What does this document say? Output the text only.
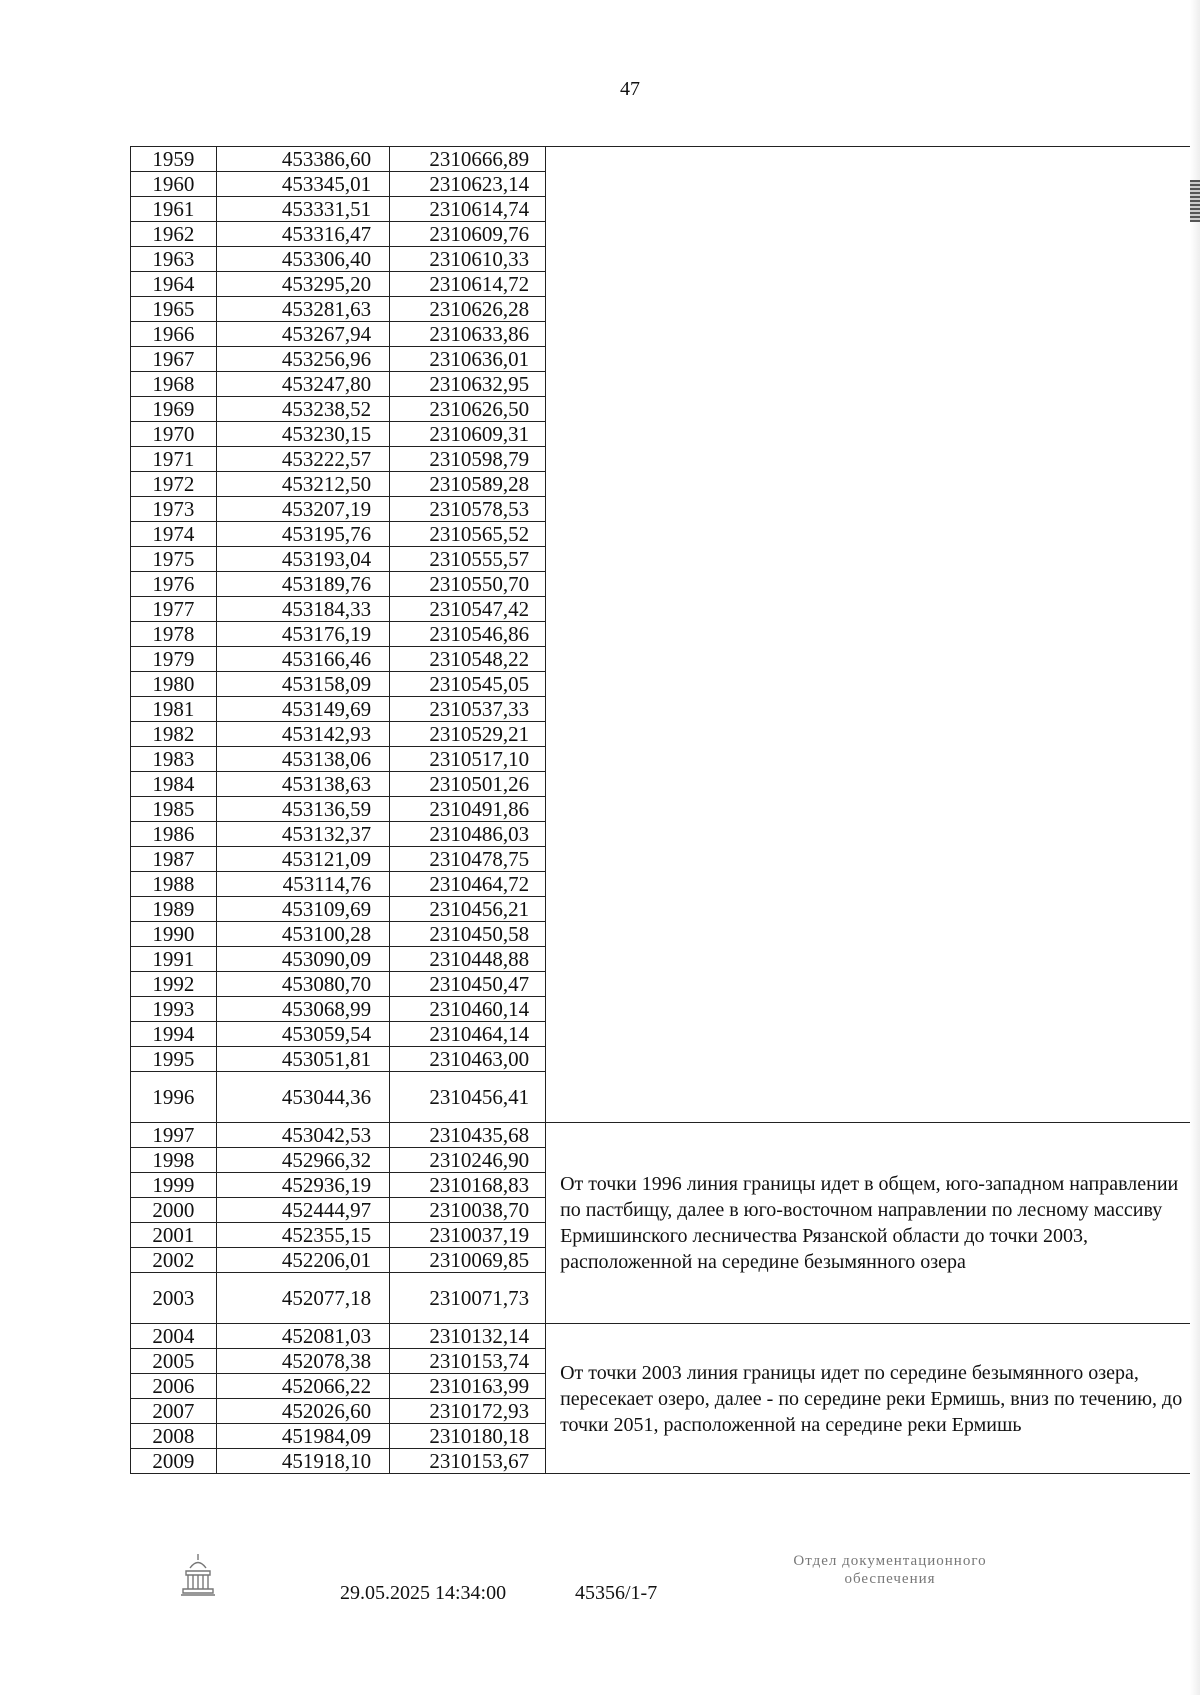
47
1959	453386,60	2310666,89	
1960	453345,01	2310623,14	
1961	453331,51	2310614,74	
1962	453316,47	2310609,76	
1963	453306,40	2310610,33	
1964	453295,20	2310614,72	
1965	453281,63	2310626,28	
1966	453267,94	2310633,86	
1967	453256,96	2310636,01	
1968	453247,80	2310632,95	
1969	453238,52	2310626,50	
1970	453230,15	2310609,31	
1971	453222,57	2310598,79	
1972	453212,50	2310589,28	
1973	453207,19	2310578,53	
1974	453195,76	2310565,52	
1975	453193,04	2310555,57	
1976	453189,76	2310550,70	
1977	453184,33	2310547,42	
1978	453176,19	2310546,86	
1979	453166,46	2310548,22	
1980	453158,09	2310545,05	
1981	453149,69	2310537,33	
1982	453142,93	2310529,21	
1983	453138,06	2310517,10	
1984	453138,63	2310501,26	
1985	453136,59	2310491,86	
1986	453132,37	2310486,03	
1987	453121,09	2310478,75	
1988	453114,76	2310464,72	
1989	453109,69	2310456,21	
1990	453100,28	2310450,58	
1991	453090,09	2310448,88	
1992	453080,70	2310450,47	
1993	453068,99	2310460,14	
1994	453059,54	2310464,14	
1995	453051,81	2310463,00	
1996	453044,36	2310456,41	
1997	453042,53	2310435,68	От точки 1996 линия границы идет в общем, юго-западном направлении по пастбищу, далее в юго-восточном направлении по лесному массиву Ермишинского лесничества Рязанской области до точки 2003, расположенной на середине безымянного озера
1998	452966,32	2310246,90	
1999	452936,19	2310168,83	
2000	452444,97	2310038,70	
2001	452355,15	2310037,19	
2002	452206,01	2310069,85	
2003	452077,18	2310071,73	
2004	452081,03	2310132,14	От точки 2003 линия границы идет по середине безымянного озера, пересекает озеро, далее - по середине реки Ермишь, вниз по течению, до точки 2051, расположенной на середине реки Ермишь
2005	452078,38	2310153,74	
2006	452066,22	2310163,99	
2007	452026,60	2310172,93	
2008	451984,09	2310180,18	
2009	451918,10	2310153,67	
29.05.2025 14:34:00	45356/1-7
Отдел документационного
обеспечения
